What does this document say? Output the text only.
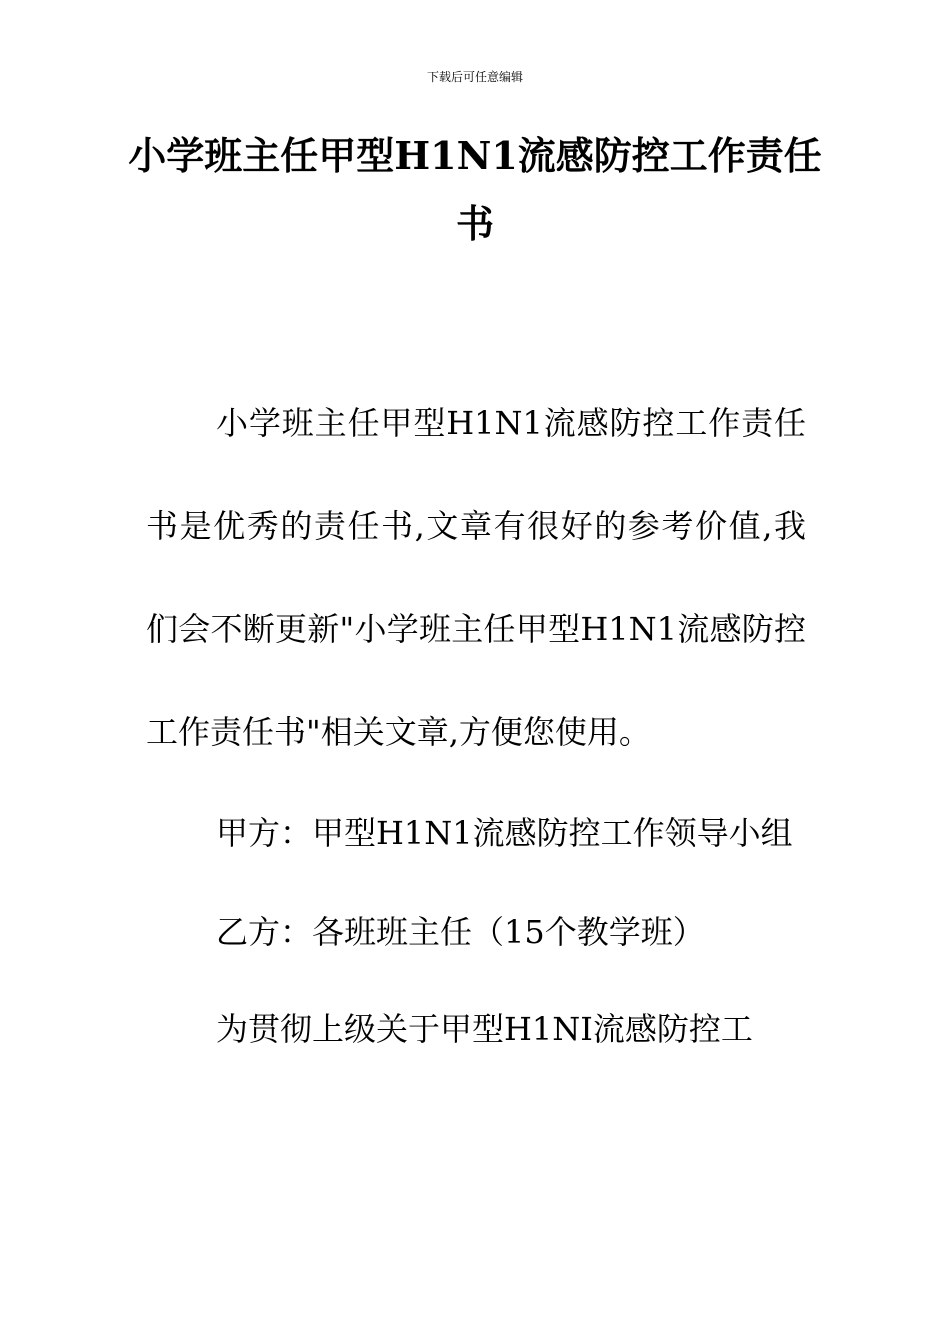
下载后可任意编辑
小学班主任甲型H1N1流感防控工作责任书

小学班主任甲型H1N1流感防控工作责任书是优秀的责任书,文章有很好的参考价值,我们会不断更新"小学班主任甲型H1N1流感防控工作责任书"相关文章,方便您使用。

甲方：甲型H1N1流感防控工作领导小组

乙方：各班班主任（15个教学班）

为贯彻上级关于甲型H1NI流感防控工
